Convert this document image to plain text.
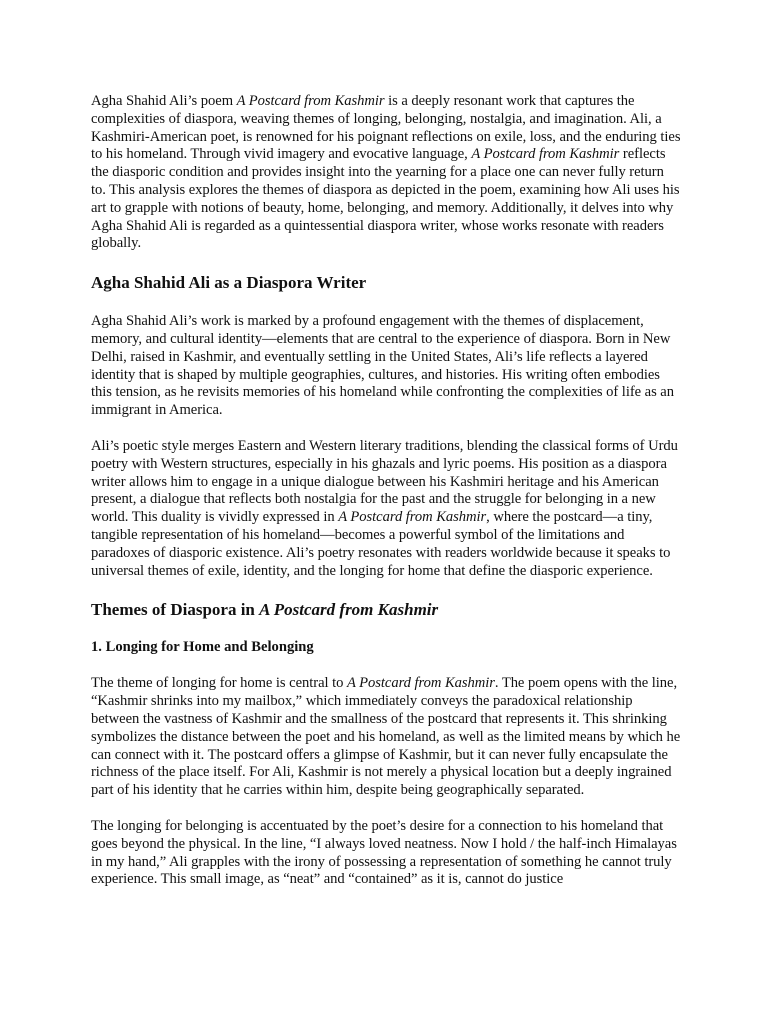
Agha Shahid Ali’s poem A Postcard from Kashmir is a deeply resonant work that captures the complexities of diaspora, weaving themes of longing, belonging, nostalgia, and imagination. Ali, a Kashmiri-American poet, is renowned for his poignant reflections on exile, loss, and the enduring ties to his homeland. Through vivid imagery and evocative language, A Postcard from Kashmir reflects the diasporic condition and provides insight into the yearning for a place one can never fully return to. This analysis explores the themes of diaspora as depicted in the poem, examining how Ali uses his art to grapple with notions of beauty, home, belonging, and memory. Additionally, it delves into why Agha Shahid Ali is regarded as a quintessential diaspora writer, whose works resonate with readers globally.

Agha Shahid Ali as a Diaspora Writer

Agha Shahid Ali’s work is marked by a profound engagement with the themes of displacement, memory, and cultural identity—elements that are central to the experience of diaspora. Born in New Delhi, raised in Kashmir, and eventually settling in the United States, Ali’s life reflects a layered identity that is shaped by multiple geographies, cultures, and histories. His writing often embodies this tension, as he revisits memories of his homeland while confronting the complexities of life as an immigrant in America.

Ali’s poetic style merges Eastern and Western literary traditions, blending the classical forms of Urdu poetry with Western structures, especially in his ghazals and lyric poems. His position as a diaspora writer allows him to engage in a unique dialogue between his Kashmiri heritage and his American present, a dialogue that reflects both nostalgia for the past and the struggle for belonging in a new world. This duality is vividly expressed in A Postcard from Kashmir, where the postcard—a tiny, tangible representation of his homeland—becomes a powerful symbol of the limitations and paradoxes of diasporic existence. Ali’s poetry resonates with readers worldwide because it speaks to universal themes of exile, identity, and the longing for home that define the diasporic experience.

Themes of Diaspora in A Postcard from Kashmir
1. Longing for Home and Belonging

The theme of longing for home is central to A Postcard from Kashmir. The poem opens with the line, “Kashmir shrinks into my mailbox,” which immediately conveys the paradoxical relationship between the vastness of Kashmir and the smallness of the postcard that represents it. This shrinking symbolizes the distance between the poet and his homeland, as well as the limited means by which he can connect with it. The postcard offers a glimpse of Kashmir, but it can never fully encapsulate the richness of the place itself. For Ali, Kashmir is not merely a physical location but a deeply ingrained part of his identity that he carries within him, despite being geographically separated.

The longing for belonging is accentuated by the poet’s desire for a connection to his homeland that goes beyond the physical. In the line, “I always loved neatness. Now I hold / the half-inch Himalayas in my hand,” Ali grapples with the irony of possessing a representation of something he cannot truly experience. This small image, as “neat” and “contained” as it is, cannot do justice
